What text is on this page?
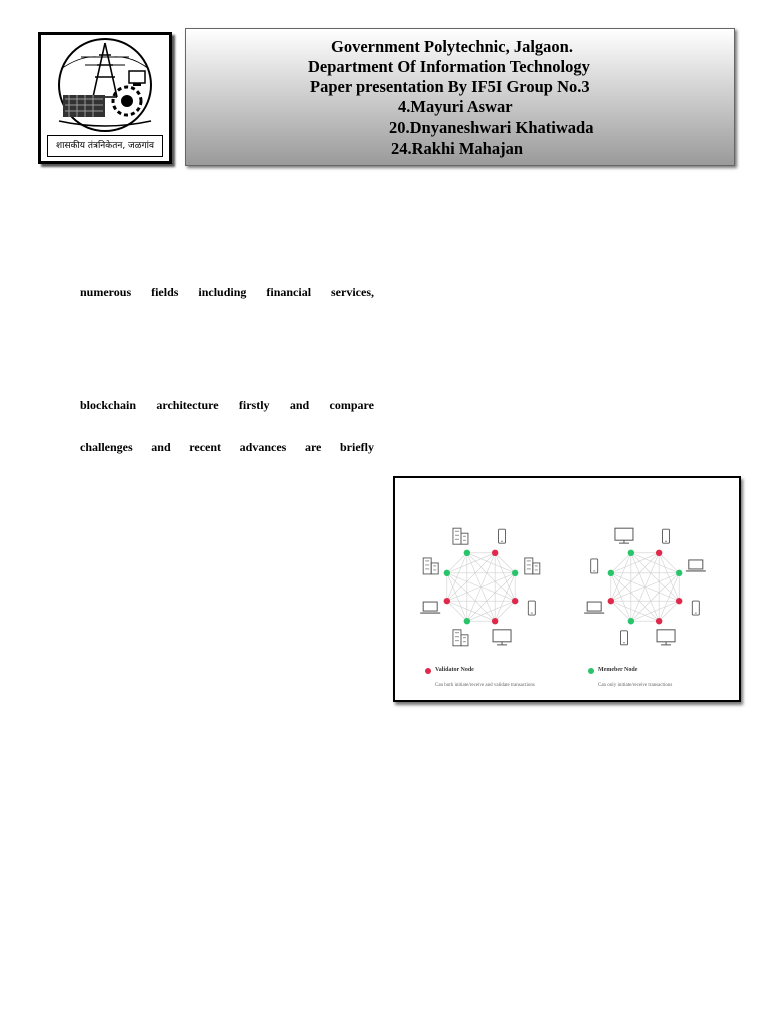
शासकीय तंत्रनिकेतन, जळगांव
Government Polytechnic, Jalgaon.
Department Of Information Technology
Paper presentation By IF5I Group No.3
4.Mayuri Aswar
20.Dnyaneshwari Khatiwada
24.Rakhi Mahajan
numerous fields including financial services,
blockchain architecture firstly and compare
challenges and recent advances are briefly
Validator Node
Can both initiate/receive and validate transactions
Memeber Node
Can only initiate/receive transactions
